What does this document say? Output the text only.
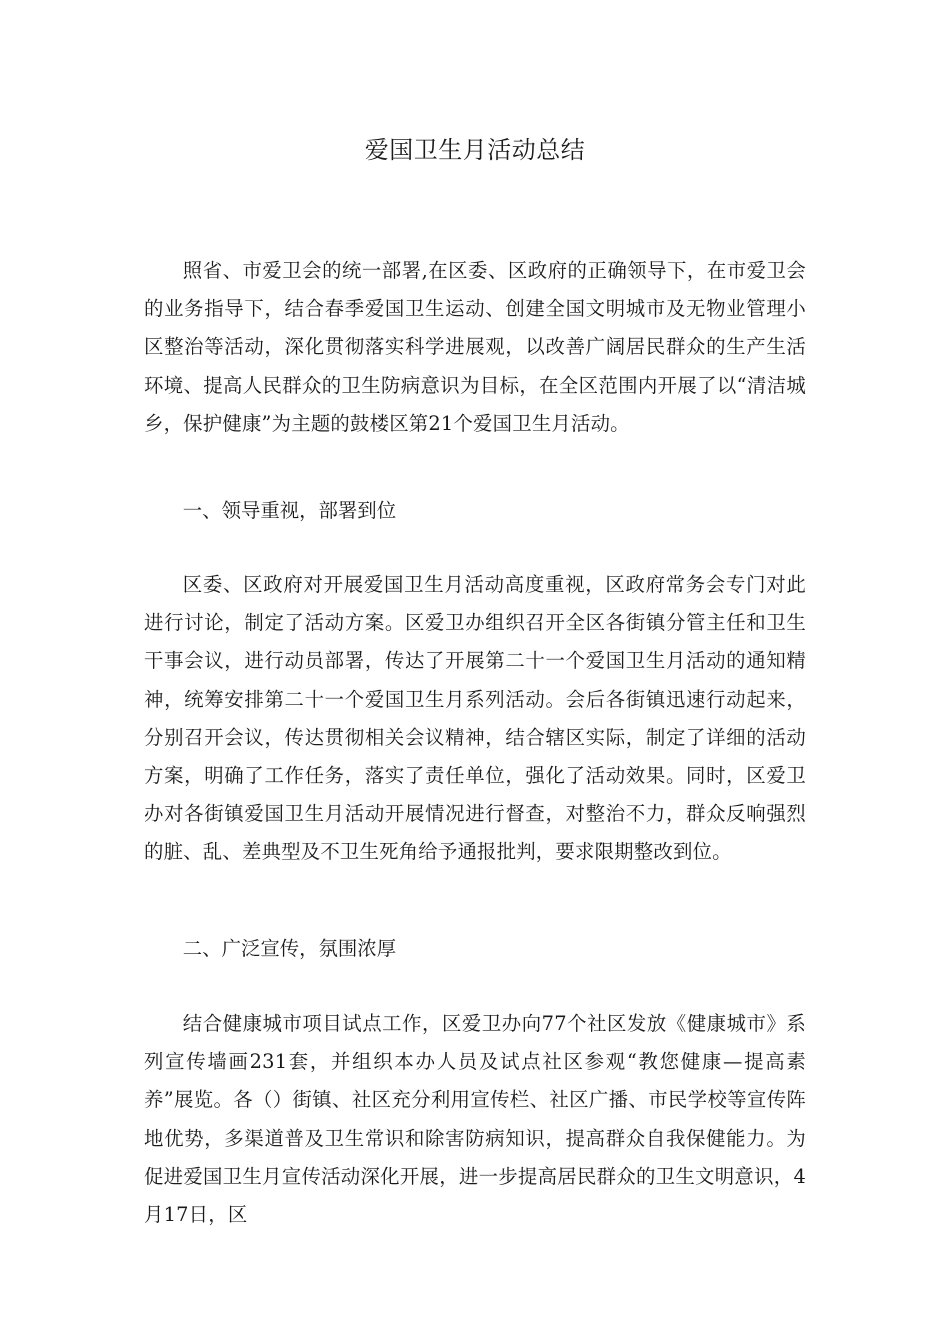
爱国卫生月活动总结

照省、市爱卫会的统一部署,在区委、区政府的正确领导下，在市爱卫会的业务指导下，结合春季爱国卫生运动、创建全国文明城市及无物业管理小区整治等活动，深化贯彻落实科学进展观，以改善广阔居民群众的生产生活环境、提高人民群众的卫生防病意识为目标，在全区范围内开展了以“清洁城乡，保护健康”为主题的鼓楼区第21个爱国卫生月活动。

一、领导重视，部署到位

区委、区政府对开展爱国卫生月活动高度重视，区政府常务会专门对此进行讨论，制定了活动方案。区爱卫办组织召开全区各街镇分管主任和卫生干事会议，进行动员部署，传达了开展第二十一个爱国卫生月活动的通知精神，统筹安排第二十一个爱国卫生月系列活动。会后各街镇迅速行动起来，分别召开会议，传达贯彻相关会议精神，结合辖区实际，制定了详细的活动方案，明确了工作任务，落实了责任单位，强化了活动效果。同时，区爱卫办对各街镇爱国卫生月活动开展情况进行督查，对整治不力，群众反响强烈的脏、乱、差典型及不卫生死角给予通报批判，要求限期整改到位。

二、广泛宣传，氛围浓厚

结合健康城市项目试点工作，区爱卫办向77个社区发放《健康城市》系列宣传墙画231套，并组织本办人员及试点社区参观“教您健康—提高素养”展览。各（）街镇、社区充分利用宣传栏、社区广播、市民学校等宣传阵地优势，多渠道普及卫生常识和除害防病知识，提高群众自我保健能力。为促进爱国卫生月宣传活动深化开展，进一步提高居民群众的卫生文明意识，4月17日，区
